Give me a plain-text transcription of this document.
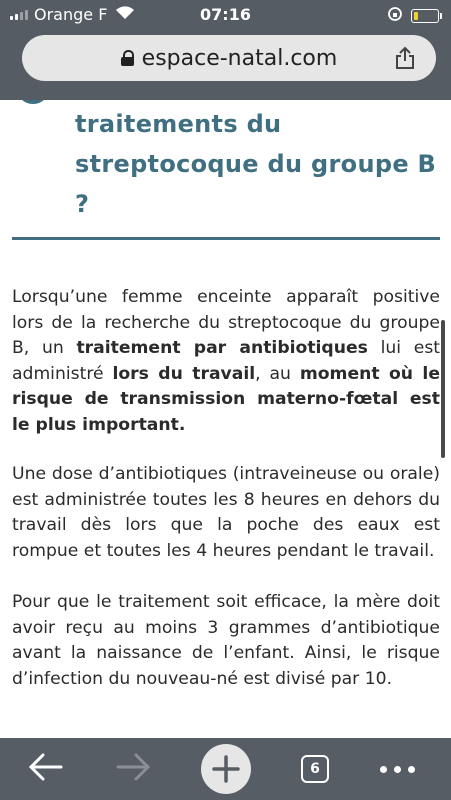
Orange F	07:16
espace-natal.com
traitements du
streptocoque du groupe B
?

Lorsqu’une femme enceinte apparaît positive lors de la recherche du streptocoque du groupe B, un traitement par antibiotiques lui est administré lors du travail, au moment où le risque de transmission materno-fœtal est le plus important.

Une dose d’antibiotiques (intraveineuse ou orale) est administrée toutes les 8 heures en dehors du travail dès lors que la poche des eaux est rompue et toutes les 4 heures pendant le travail.

Pour que le traitement soit efficace, la mère doit avoir reçu au moins 3 grammes d’antibiotique avant la naissance de l’enfant. Ainsi, le risque d’infection du nouveau-né est divisé par 10.

6
